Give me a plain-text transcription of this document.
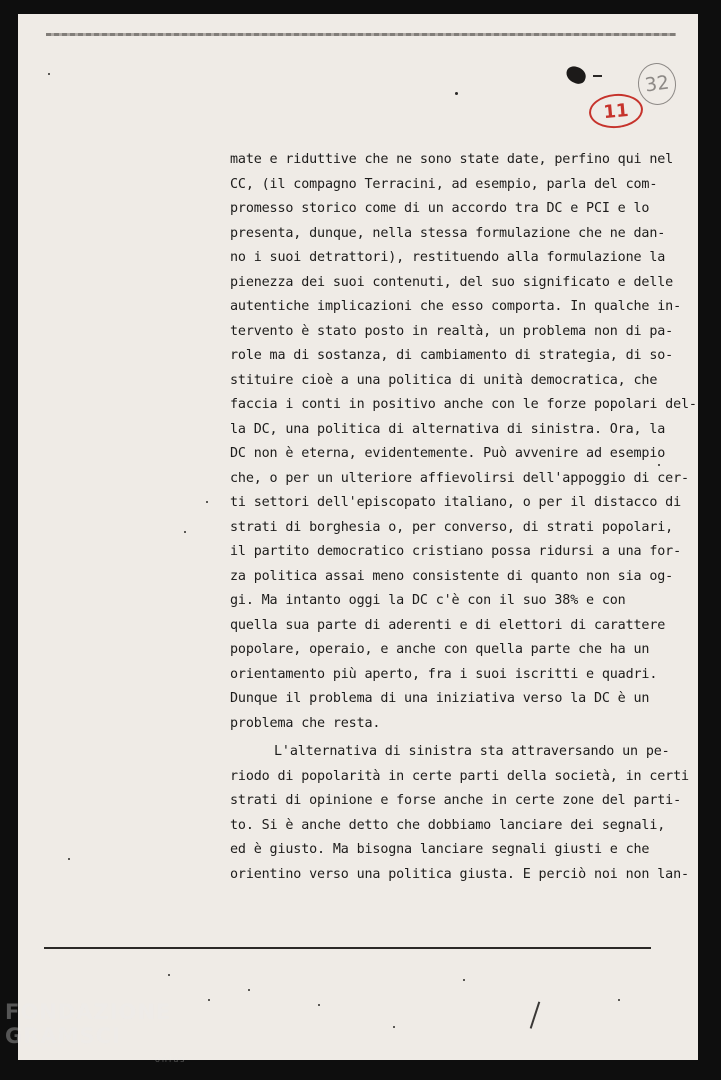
32
11
mate e riduttive che ne sono state date, perfino qui nel
CC, (il compagno Terracini, ad esempio, parla del com-
promesso storico come di un accordo tra DC e PCI e lo
presenta, dunque, nella stessa formulazione che ne dan-
no i suoi detrattori), restituendo alla formulazione la
pienezza dei suoi contenuti, del suo significato e delle
autentiche implicazioni che esso comporta. In qualche in-
tervento è stato posto in realtà, un problema non di pa-
role ma di sostanza, di cambiamento di strategia, di so-
stituire cioè a una politica di unità democratica, che
faccia i conti in positivo anche con le forze popolari del-
la DC, una politica di alternativa di sinistra. Ora, la
DC non è eterna, evidentemente. Può avvenire ad esempio
che, o per un ulteriore affievolirsi dell'appoggio di cer-
ti settori dell'episcopato italiano, o per il distacco di
strati di borghesia o, per converso, di strati popolari,
il partito democratico cristiano possa ridursi a una for-
za politica assai meno consistente di quanto non sia og-
gi. Ma intanto oggi la DC c'è con il suo 38% e con
quella sua parte di aderenti e di elettori di carattere
popolare, operaio, e anche con quella parte che ha un
orientamento più aperto, fra i suoi iscritti e quadri.
Dunque il problema di una iniziativa verso la DC è un
problema che resta.
L'alternativa di sinistra sta attraversando un pe-
riodo di popolarità in certe parti della società, in certi
strati di opinione e forse anche in certe zone del parti-
to. Si è anche detto che dobbiamo lanciare dei segnali,
ed è giusto. Ma bisogna lanciare segnali giusti e che
orientino verso una politica giusta. E perciò noi non lan-
FONDAZIONE
GRAMSCI
onlus
